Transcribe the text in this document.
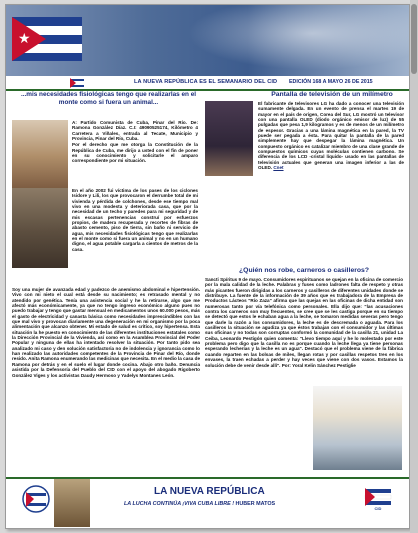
★
LA NUEVA REPÚBLICA ES EL SEMANARIO DEL CID EDICIÓN 168 A MAYO 26 DE 2015
...mis necesidades fisiológicas tengo que realizarlas en el monte como si fuera un animal...

A: Partido Comunista de Cuba, Pinar del Río. De: Ramona González Díaz. C.I: 49090525174, Kilómetro 4 Carretera a Viñales, entrada al Tecate, Municipio y Provincia, Pinar del Río, Cuba.

Por el derecho que me otorga la Constitución de la República de Cuba, me dirijo a usted con el fin de poner en su conocimiento y solicitarle el amparo correspondiente por mi situación.

En el año 2002 fui víctima de los pases de los ciclones Isidore y Lili, los que provocaron el derrumbe total de mi vivienda y pérdida de colchones, desde ese tiempo mal vivo en una modesta y deteriorada casa, que por la necesidad de un techo y paredes para mi seguridad y de mis escasas pertenencias construí por esfuerzos propios, de madera recuperada y recortes de fibras de abasto cemento, piso de tierra, sin baño ni servicio de agua, mis necesidades fisiológicas tengo que realizarlas en el monte como si fuera un animal y no en un humano digno, el agua potable cargarla a cientos de metros de la casa.

Soy una mujer de avanzada edad y padezco de anemismo abdominal e hipertensión. Vivo con mi nieto el cual está desde su nacimiento; es retrasado mental y no atendido por genética. Tenía una asistencia social y he la retirarse, algo que me afectó más económicamente, ya que no tengo ingreso económico alguno pues no puedo trabajar y tengo que gastar mensual en medicamentos unos 60.000 pesos, más el gasto de electricidad y canasta básica como necesidades imprescindibles con las que mal vivo y provocan diariamente una degeneración en mi organismo por la poca alimentación que alcanzo obtener. Mi estado de salud es crítico, soy hipertensa. Esta situación la he puesto en conocimiento de las diferentes instituciones estatales como la Dirección Provincial de la Vivienda, así como en la Asamblea Provincial del Poder Popular y ninguna de ellas ha intentado resolver la situación. Por tanto pido sea analizado mi caso y den solución satisfactoria no de indolencia y ignorancia como lo han realizado las autoridades competentes de la Provincia de Pinar del Río, donde resido. Anita Ramona enumerando las medicinas que necesita. En el medio la casa de Ramona por detrás y en el suelo el lugar donde cocina. Abajo otro baño. Denuncia asistida por la Defensoría del Pueblo del CID con el apoyo del abogado Rigoberto González Viges y los activistas Daudy Hermoso y Yadelys Montanes León.

Pantalla de televisión de un milímetro

El fabricante de televisores LG ha dado a conocer una televisión sumamente delgada. En un evento de prensa el martes 19 de mayor en el país de origen, Corea del Sur, LG mostró un televisor con una pantalla OLED (diodo orgánico emisor de luz) de 55 pulgadas que pesa 1,9 kilogramos y es de menos de un milímetro de espesor. Gracias a una lámina magnética en la pared, la TV puede ser pegada a ésta. Para quitar la pantalla de la pared simplemente hay que despegar la lámina magnética. Un compuesto orgánico es catalizar miembro de una clase grande de compuestos químicos cuyas moléculas contienen carbono. Se diferencia de los LCD -cristal líquido- usado en las pantallas de televisión actuales que generan una imagen inferior a las de OLED. Cnet

¿Quién nos robe, carneros o casilleros?

Sancti Spíritus 9 de mayo. Consumidores espirituanos se quejan en la oficina de comercio por la mala calidad de la leche. Palabras y fuses como ladrones falta de respeto y otras más picantes fueron dirigidas a los carneros y casilleros de diferentes unidades donde se distribuye. La fuente de la información de 39 años que es trabajadora de la Empresa de Productos Lácteos "Río Zaza" afirma que las quejas en las oficinas de dicha entidad son numerosas tanto por vía telefónica como personales. Ella dijo que: "las acusaciones contra los carneros son muy frecuentes, se cree que se les castiga porque en su tiempo se detectó que estos le echaban agua a la leche, se tomaron medidas severas pero tengo que darle la razón a los consumidores, la leche es de descremada o aguada. Para los casilleros la situación se agudiza ya que éstos trabajan con el consumidor y las últimas sus oficinas y no todas son corruptas conformó la comunidad de la casilla 21, unidad La Ceiba, Leonardo Pestigón quien comenta: "Llevo tiempo aquí y he lo molestado por este problema pero digo que la casilla no es porque cuando la leche llega ya tiene personas esperando lecherías y la leche es un agua". Destacó que el problema viene de la fábrica cuando reparten en las bolsas de miles, llegan rotas y por casillas respetos tres en los envases, la traen echadas a perder y hay veces que viene con dos vasos. Estamos la solución debe de venir desde allí". Por: Yoral Kelin Sánchez Pestiglie

LA NUEVA REPÚBLICA
LA LUCHA CONTINÚA ¡VIVA CUBA LIBRE ! HUBER MATOS
CID
